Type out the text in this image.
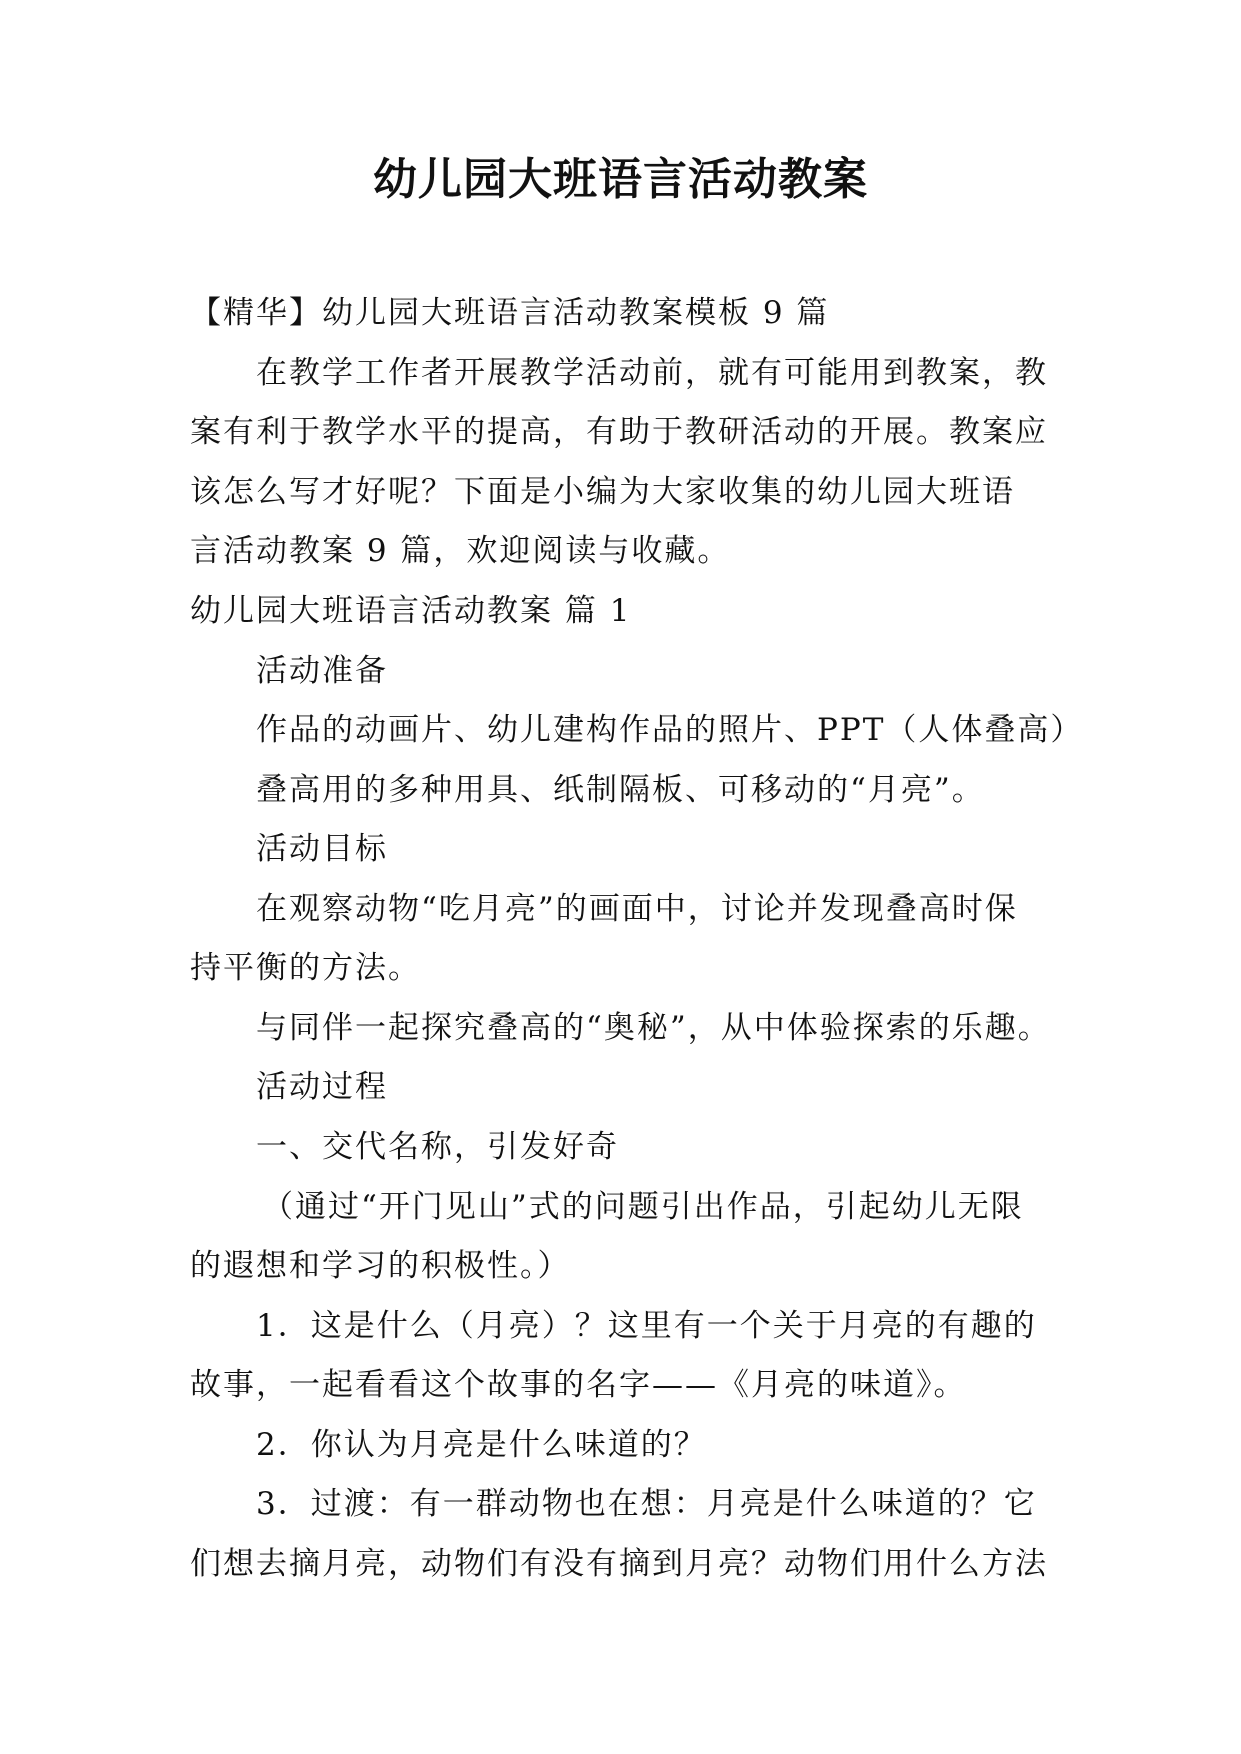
幼儿园大班语言活动教案
【精华】幼儿园大班语言活动教案模板 9 篇
在教学工作者开展教学活动前，就有可能用到教案，教
案有利于教学水平的提高，有助于教研活动的开展。教案应
该怎么写才好呢？下面是小编为大家收集的幼儿园大班语
言活动教案 9 篇，欢迎阅读与收藏。
幼儿园大班语言活动教案 篇 1
活动准备
作品的动画片、幼儿建构作品的照片、PPT（人体叠高）
叠高用的多种用具、纸制隔板、可移动的“月亮”。
活动目标
在观察动物“吃月亮”的画面中，讨论并发现叠高时保
持平衡的方法。
与同伴一起探究叠高的“奥秘”，从中体验探索的乐趣。
活动过程
一、交代名称，引发好奇
（通过“开门见山”式的问题引出作品，引起幼儿无限
的遐想和学习的积极性。）
1．这是什么（月亮）？这里有一个关于月亮的有趣的
故事，一起看看这个故事的名字——《月亮的味道》。
2．你认为月亮是什么味道的？
3．过渡：有一群动物也在想：月亮是什么味道的？它
们想去摘月亮，动物们有没有摘到月亮？动物们用什么方法
